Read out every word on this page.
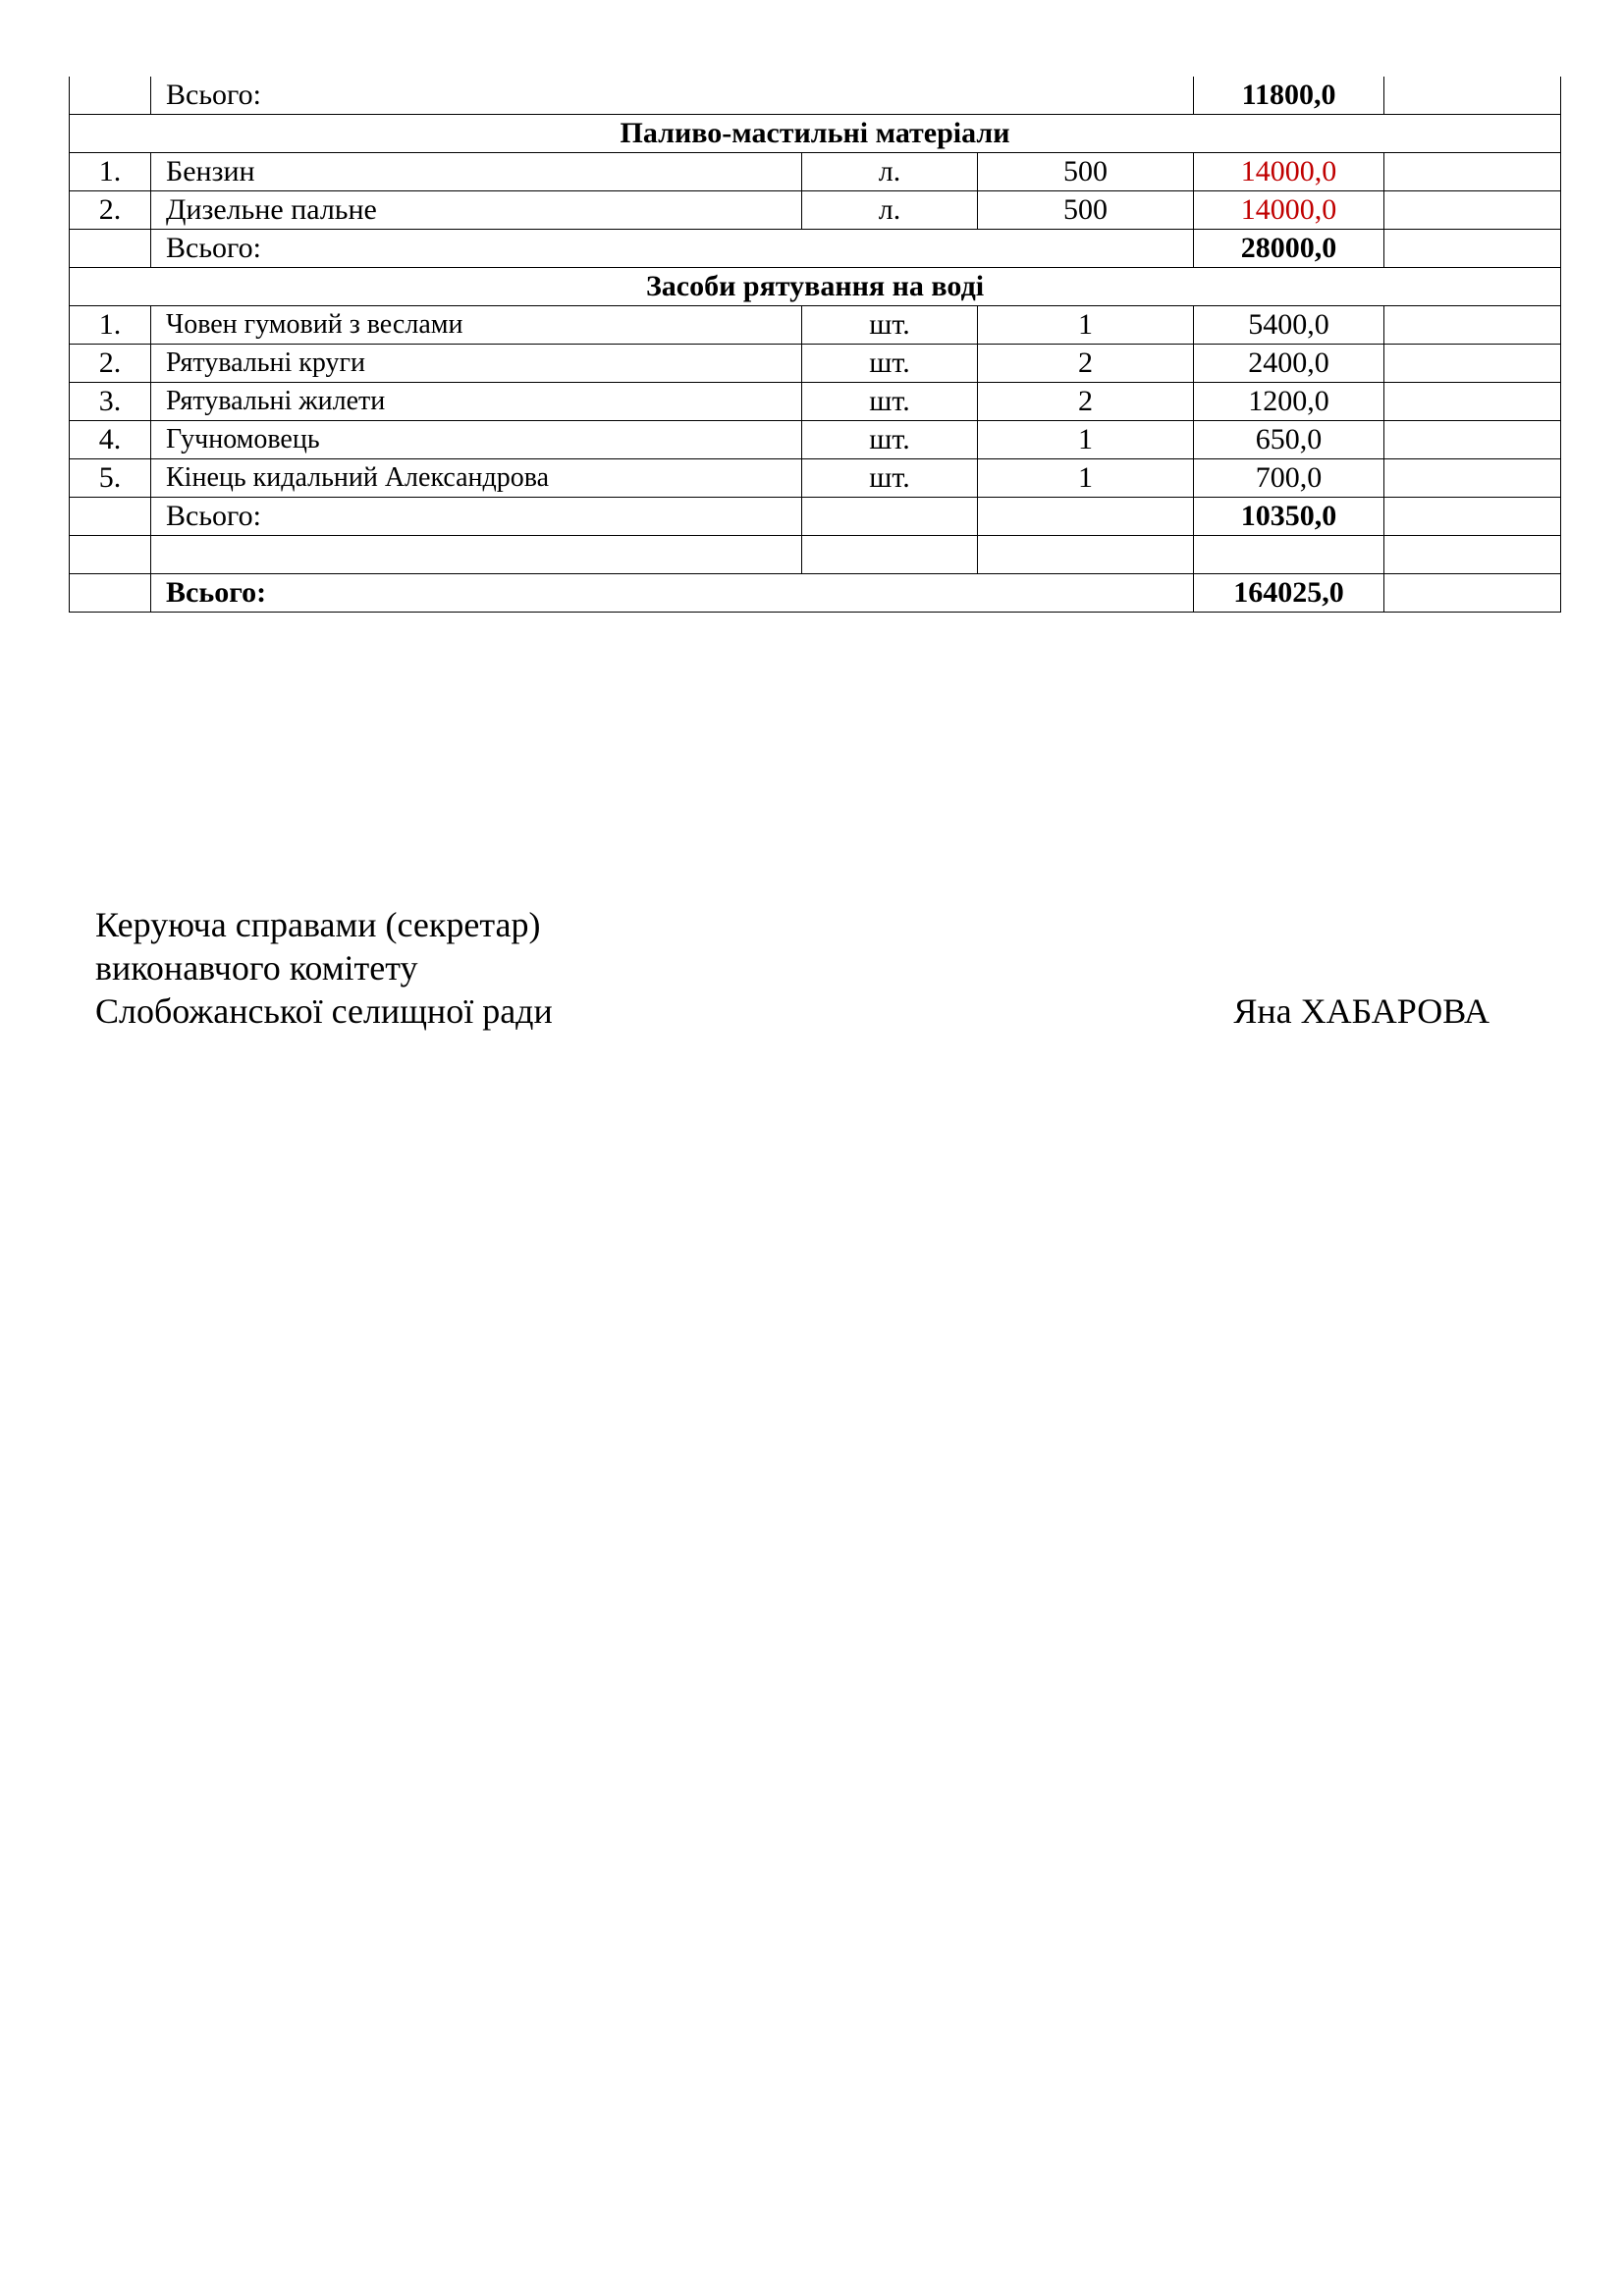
	Всього:			11800,0	
Паливо-мастильні матеріали					
1.	Бензин	л.	500	14000,0	
2.	Дизельне пальне	л.	500	14000,0	
	Всього:			28000,0	
Засоби рятування на воді					
1.	Човен гумовий з веслами	шт.	1	5400,0	
2.	Рятувальні круги	шт.	2	2400,0	
3.	Рятувальні жилети	шт.	2	1200,0	
4.	Гучномовець	шт.	1	650,0	
5.	Кінець кидальний Александрова	шт.	1	700,0	
	Всього:			10350,0	

	Всього:			164025,0	
Керуюча справами (секретар)
виконавчого комітету
Слобожанської селищної ради	Яна ХАБАРОВА
